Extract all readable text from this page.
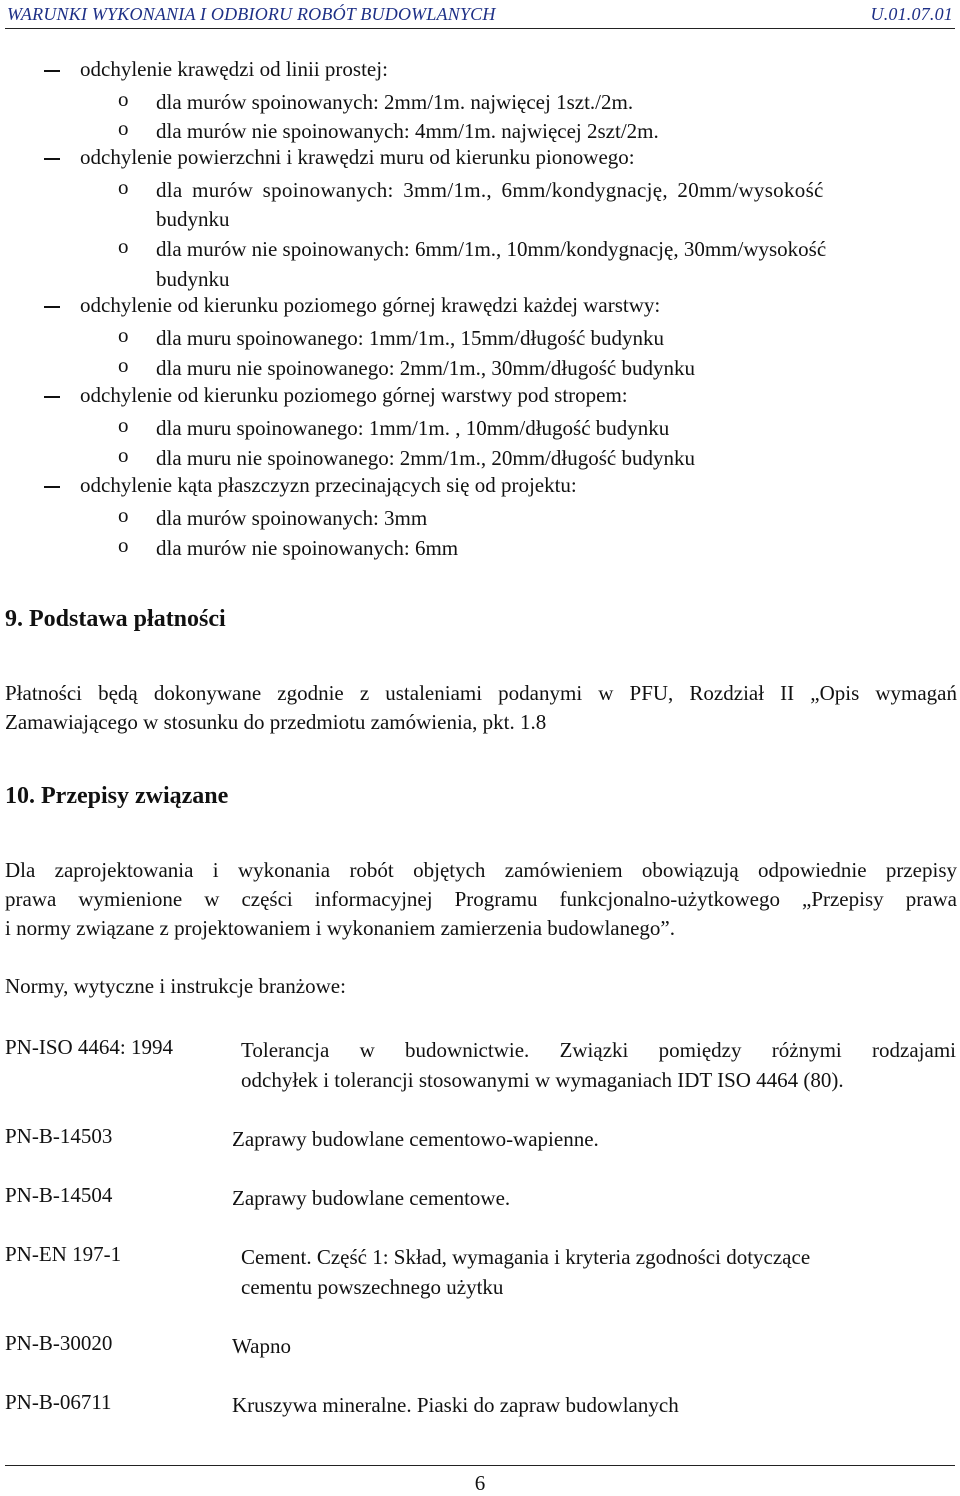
WARUNKI WYKONANIA I ODBIORU ROBÓT BUDOWLANYCH	U.01.07.01
odchylenie krawędzi od linii prostej:
o dla murów spoinowanych: 2mm/1m. najwięcej 1szt./2m.
o dla murów nie spoinowanych: 4mm/1m. najwięcej 2szt/2m.
odchylenie powierzchni i krawędzi muru od kierunku pionowego:
o dla murów spoinowanych: 3mm/1m., 6mm/kondygnację, 20mm/wysokość
budynku
o dla murów nie spoinowanych: 6mm/1m., 10mm/kondygnację, 30mm/wysokość
budynku
odchylenie od kierunku poziomego górnej krawędzi każdej warstwy:
o dla muru spoinowanego: 1mm/1m., 15mm/długość budynku
o dla muru nie spoinowanego: 2mm/1m., 30mm/długość budynku
odchylenie od kierunku poziomego górnej warstwy pod stropem:
o dla muru spoinowanego: 1mm/1m. , 10mm/długość budynku
o dla muru nie spoinowanego: 2mm/1m., 20mm/długość budynku
odchylenie kąta płaszczyzn przecinających się od projektu:
o dla murów spoinowanych: 3mm
o dla murów nie spoinowanych: 6mm
9. Podstawa płatności
Płatności będą dokonywane zgodnie z ustaleniami podanymi w PFU, Rozdział II „Opis wymagań
Zamawiającego w stosunku do przedmiotu zamówienia, pkt. 1.8
10. Przepisy związane
Dla zaprojektowania i wykonania robót objętych zamówieniem obowiązują odpowiednie przepisy
prawa wymienione w części informacyjnej Programu funkcjonalno-użytkowego „Przepisy prawa
i normy związane z projektowaniem i wykonaniem zamierzenia budowlanego”.
Normy, wytyczne i instrukcje branżowe:
PN-ISO 4464: 1994	Tolerancja w budownictwie. Związki pomiędzy różnymi rodzajami
odchyłek i tolerancji stosowanymi w wymaganiach IDT ISO 4464 (80).
PN-B-14503	Zaprawy budowlane cementowo-wapienne.
PN-B-14504	Zaprawy budowlane cementowe.
PN-EN 197-1	Cement. Część 1: Skład, wymagania i kryteria zgodności dotyczące
cementu powszechnego użytku
PN-B-30020	Wapno
PN-B-06711	Kruszywa mineralne. Piaski do zapraw budowlanych
6
